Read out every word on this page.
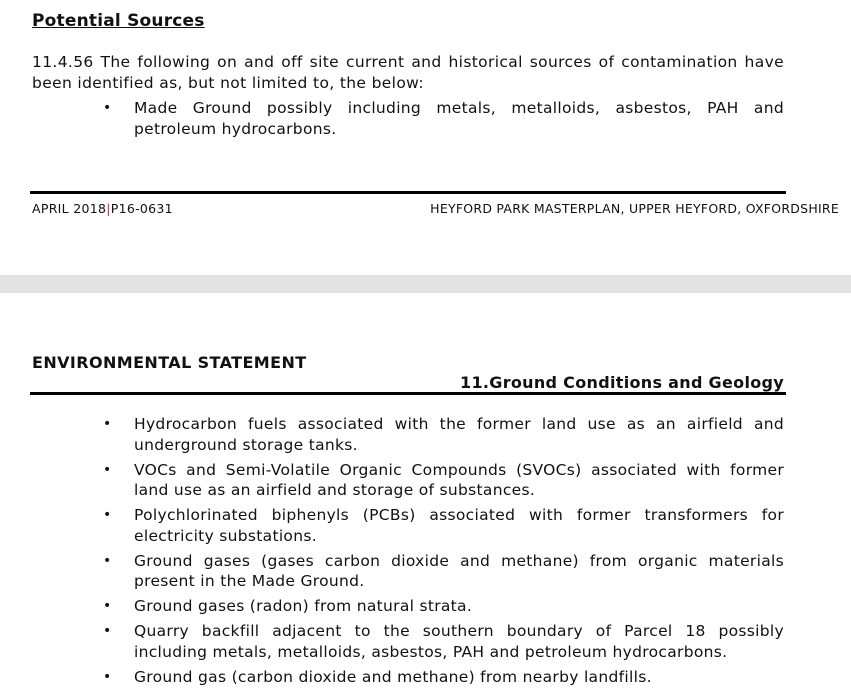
Potential Sources
11.4.56 The following on and off site current and historical sources of contamination have been identified as, but not limited to, the below:
• Made Ground possibly including metals, metalloids, asbestos, PAH and petroleum hydrocarbons.
APRIL 2018|P16-0631	HEYFORD PARK MASTERPLAN, UPPER HEYFORD, OXFORDSHIRE
ENVIRONMENTAL STATEMENT
11.Ground Conditions and Geology
• Hydrocarbon fuels associated with the former land use as an airfield and underground storage tanks.
• VOCs and Semi-Volatile Organic Compounds (SVOCs) associated with former land use as an airfield and storage of substances.
• Polychlorinated biphenyls (PCBs) associated with former transformers for electricity substations.
• Ground gases (gases carbon dioxide and methane) from organic materials present in the Made Ground.
• Ground gases (radon) from natural strata.
• Quarry backfill adjacent to the southern boundary of Parcel 18 possibly including metals, metalloids, asbestos, PAH and petroleum hydrocarbons.
• Ground gas (carbon dioxide and methane) from nearby landfills.
